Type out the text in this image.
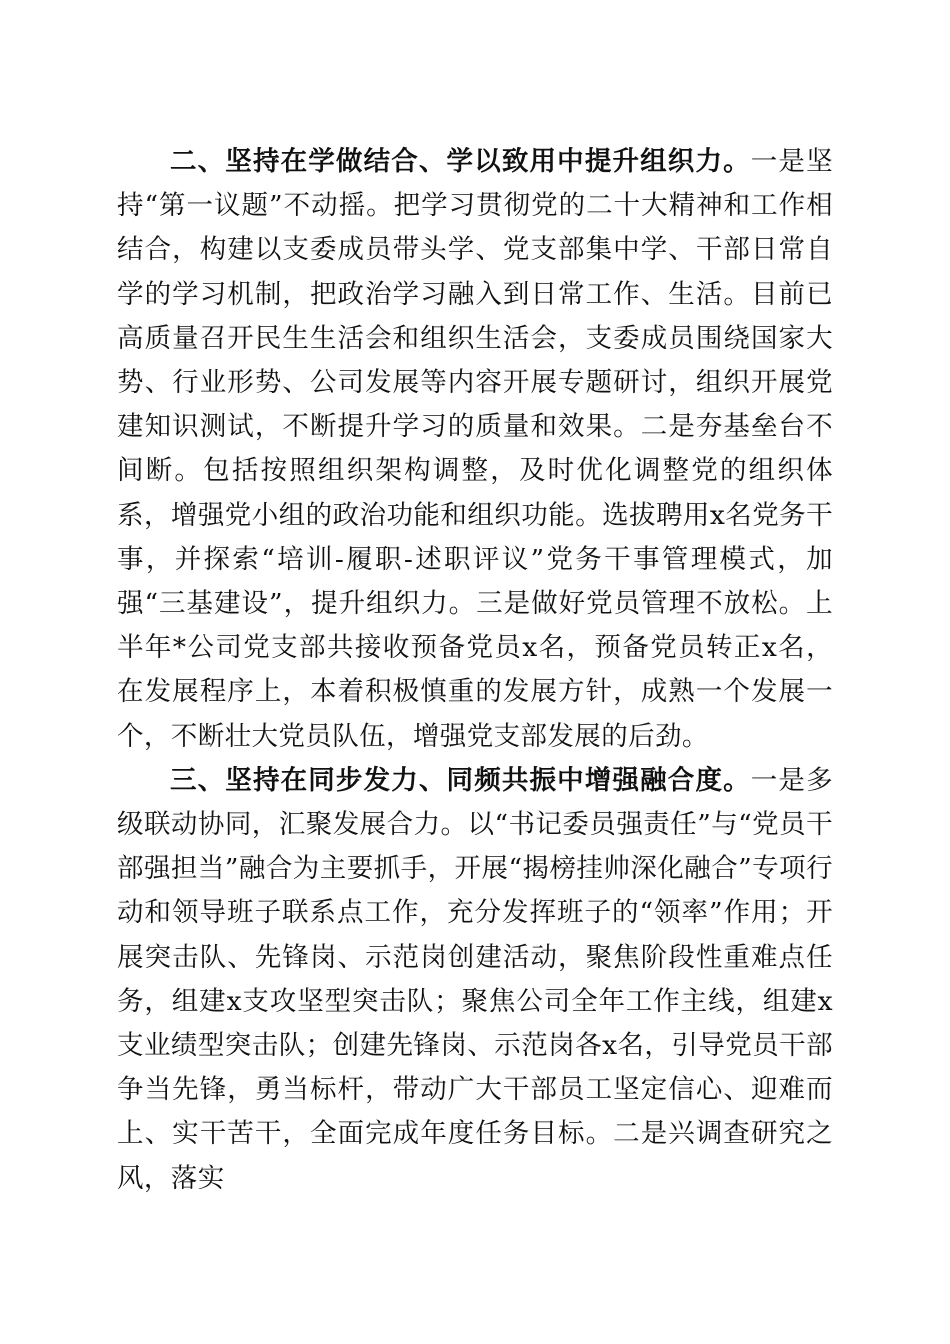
二、坚持在学做结合、学以致用中提升组织力。一是坚持“第一议题”不动摇。把学习贯彻党的二十大精神和工作相结合，构建以支委成员带头学、党支部集中学、干部日常自学的学习机制，把政治学习融入到日常工作、生活。目前已高质量召开民生生活会和组织生活会，支委成员围绕国家大势、行业形势、公司发展等内容开展专题研讨，组织开展党建知识测试，不断提升学习的质量和效果。二是夯基垒台不间断。包括按照组织架构调整，及时优化调整党的组织体系，增强党小组的政治功能和组织功能。选拔聘用x名党务干事，并探索“培训-履职-述职评议”党务干事管理模式，加强“三基建设”，提升组织力。三是做好党员管理不放松。上半年*公司党支部共接收预备党员x名，预备党员转正x名，在发展程序上，本着积极慎重的发展方针，成熟一个发展一个，不断壮大党员队伍，增强党支部发展的后劲。

三、坚持在同步发力、同频共振中增强融合度。一是多级联动协同，汇聚发展合力。以“书记委员强责任”与“党员干部强担当”融合为主要抓手，开展“揭榜挂帅深化融合”专项行动和领导班子联系点工作，充分发挥班子的“领率”作用；开展突击队、先锋岗、示范岗创建活动，聚焦阶段性重难点任务，组建x支攻坚型突击队；聚焦公司全年工作主线，组建x支业绩型突击队；创建先锋岗、示范岗各x名，引导党员干部争当先锋，勇当标杆，带动广大干部员工坚定信心、迎难而上、实干苦干，全面完成年度任务目标。二是兴调查研究之风，落实
